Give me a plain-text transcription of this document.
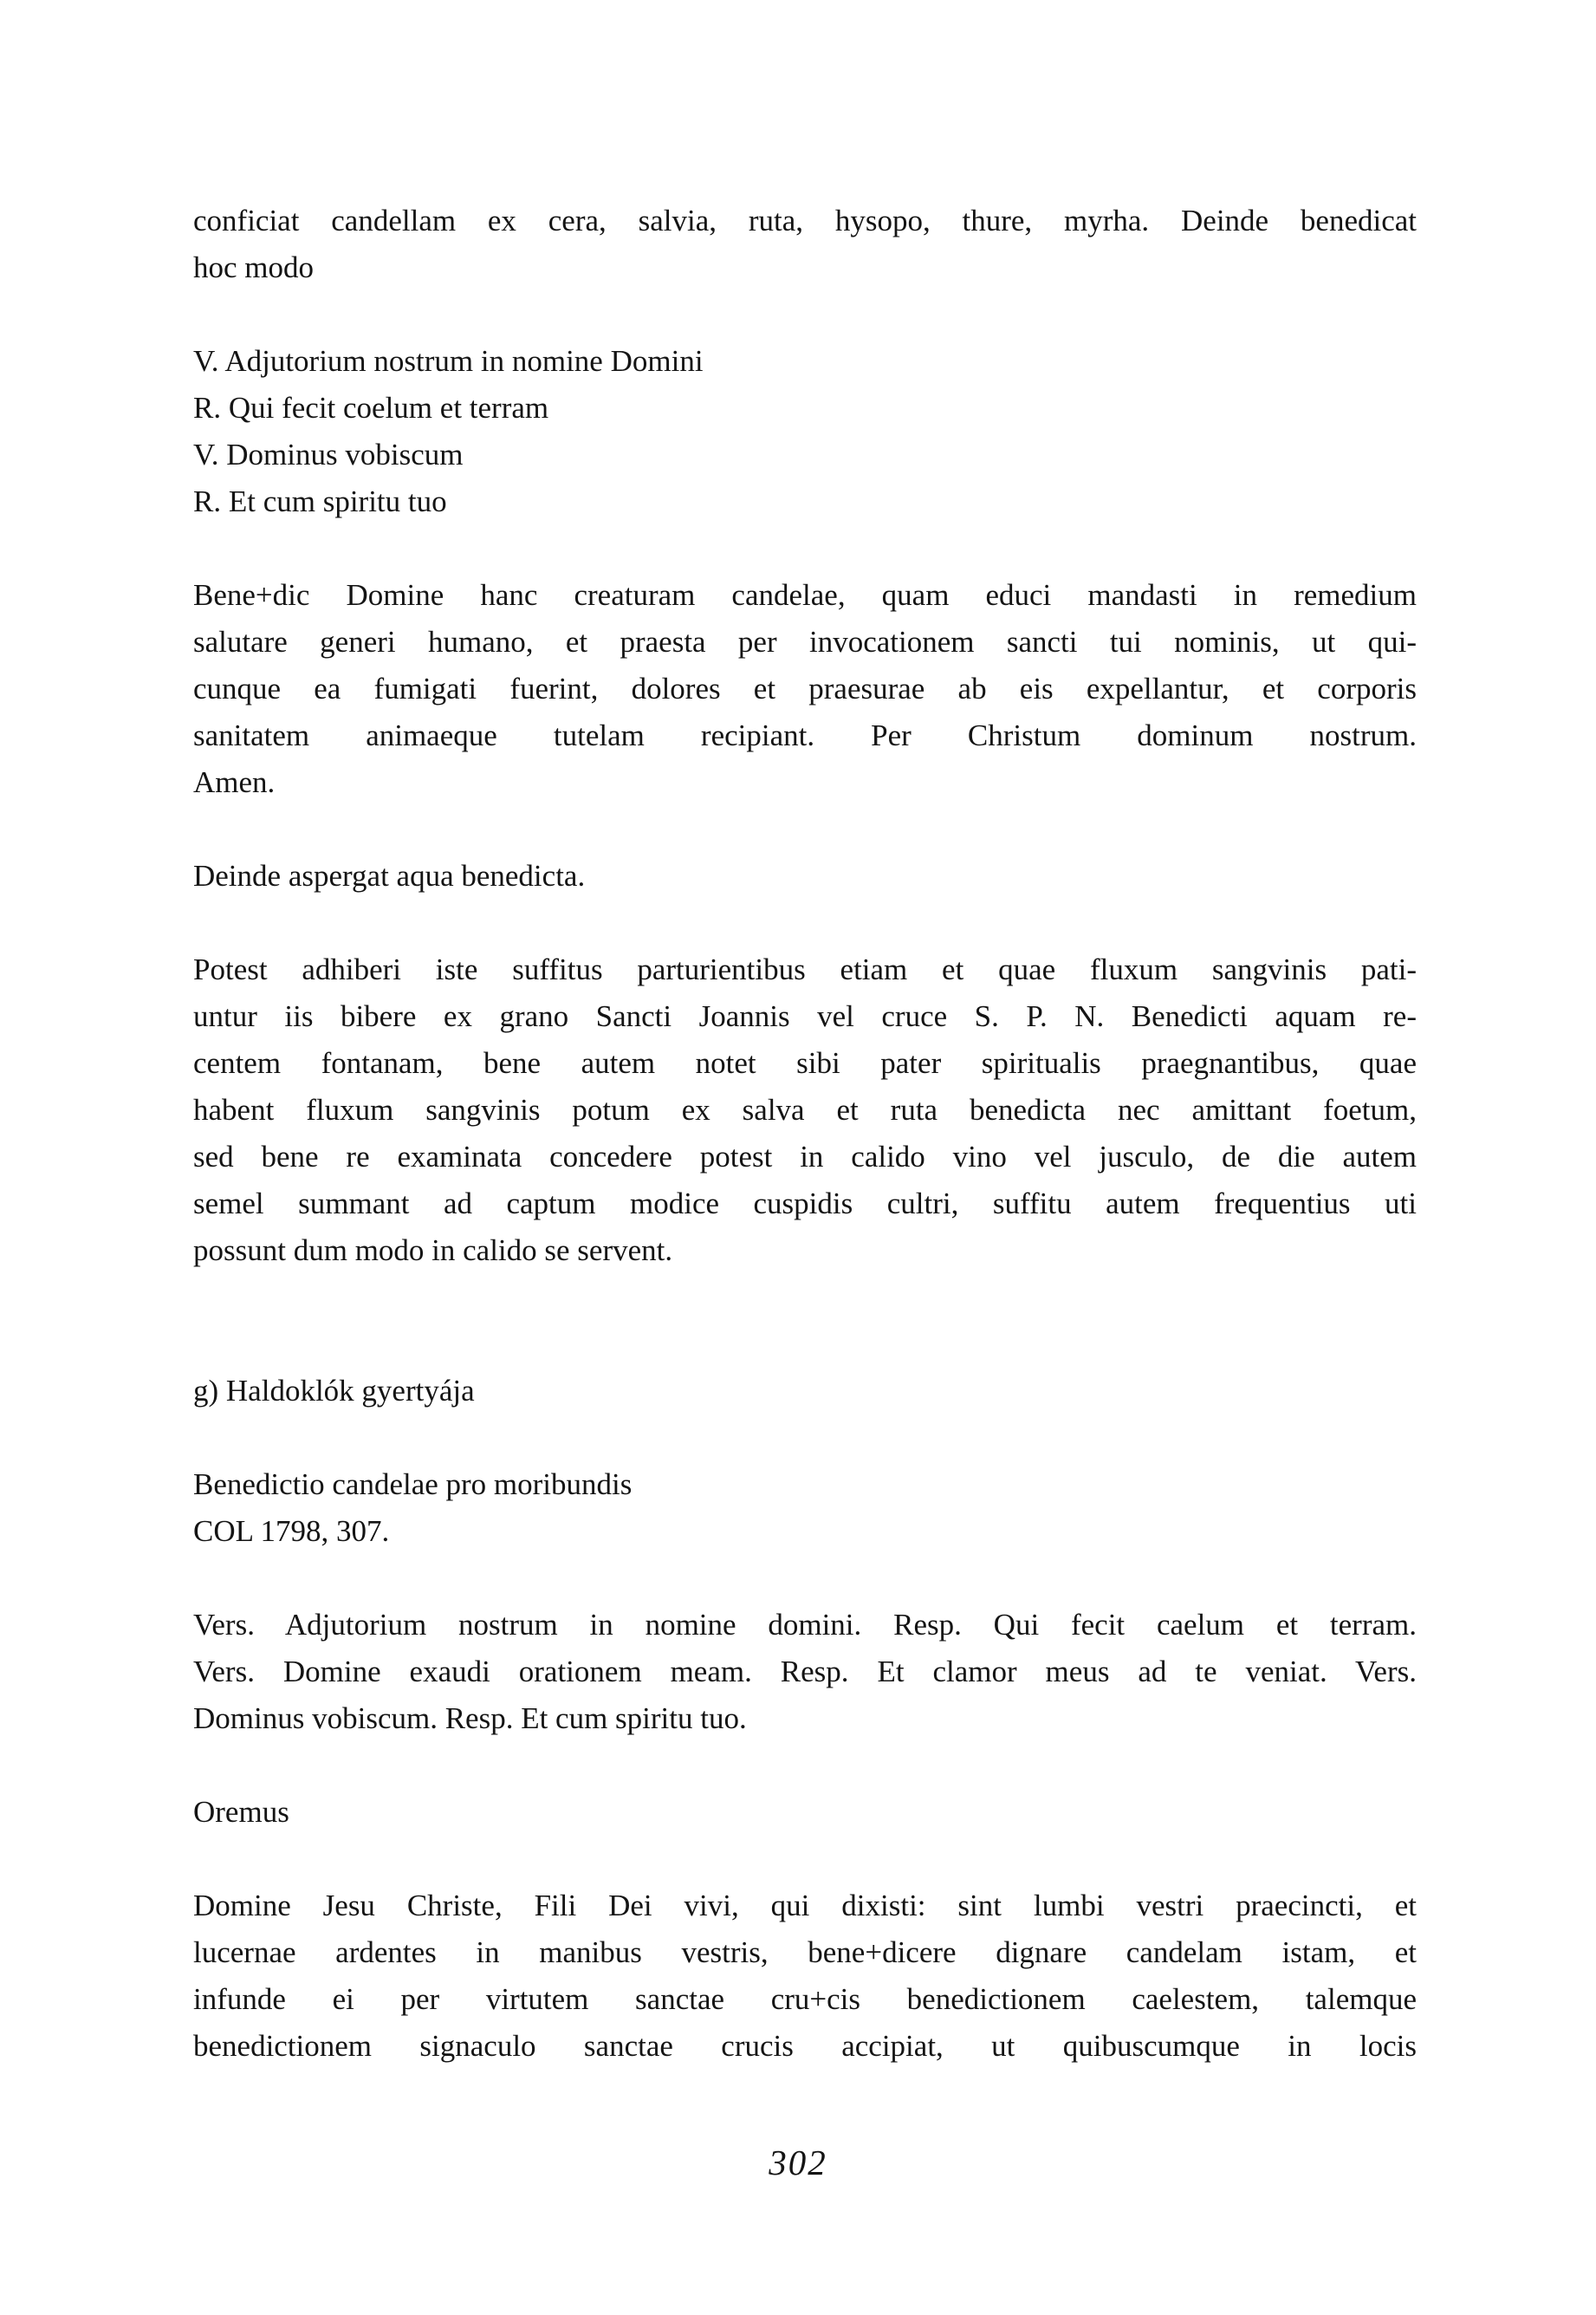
conficiat candellam ex cera, salvia, ruta, hysopo, thure, myrha. Deinde benedicat
hoc modo
V. Adjutorium nostrum in nomine Domini
R. Qui fecit coelum et terram
V. Dominus vobiscum
R. Et cum spiritu tuo
Bene+dic Domine hanc creaturam candelae, quam educi mandasti in remedium
salutare generi humano, et praesta per invocationem sancti tui nominis, ut qui-
cunque ea fumigati fuerint, dolores et praesurae ab eis expellantur, et corporis
sanitatem animaeque tutelam recipiant. Per Christum dominum nostrum.
Amen.
Deinde aspergat aqua benedicta.
Potest adhiberi iste suffitus parturientibus etiam et quae fluxum sangvinis pati-
untur iis bibere ex grano Sancti Joannis vel cruce S. P. N. Benedicti aquam re-
centem fontanam, bene autem notet sibi pater spiritualis praegnantibus, quae
habent fluxum sangvinis potum ex salva et ruta benedicta nec amittant foetum,
sed bene re examinata concedere potest in calido vino vel jusculo, de die autem
semel summant ad captum modice cuspidis cultri, suffitu autem frequentius uti
possunt dum modo in calido se servent.
g) Haldoklók gyertyája
Benedictio candelae pro moribundis
COL 1798, 307.
Vers. Adjutorium nostrum in nomine domini. Resp. Qui fecit caelum et terram.
Vers. Domine exaudi orationem meam. Resp. Et clamor meus ad te veniat. Vers.
Dominus vobiscum. Resp. Et cum spiritu tuo.
Oremus
Domine Jesu Christe, Fili Dei vivi, qui dixisti: sint lumbi vestri praecincti, et
lucernae ardentes in manibus vestris, bene+dicere dignare candelam istam, et
infunde ei per virtutem sanctae cru+cis benedictionem caelestem, talemque
benedictionem signaculo sanctae crucis accipiat, ut quibuscumque in locis
302
